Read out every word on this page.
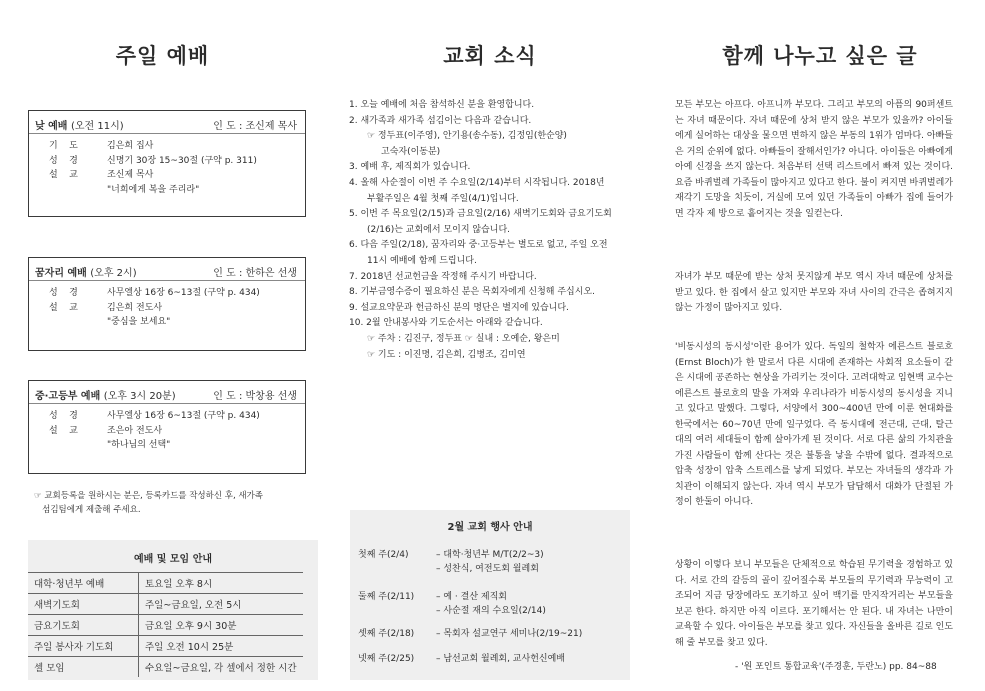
주일 예배
낮 예배 (오전 11시)	인 도 : 조신제 목사
기    도	김은희 집사
성    경	신명기 30장 15~30절 (구약 p. 311)
설    교	조신제 목사
"너희에게 복을 주리라"
꿈자리 예배 (오후 2시)	인 도 : 한하은 선생
성    경	사무엘상 16장 6~13절 (구약 p. 434)
설    교	김은희 전도사
"중심을 보세요"
중·고등부 예배 (오후 3시 20분)	인 도 : 박창용 선생
성    경	사무엘상 16장 6~13절 (구약 p. 434)
설    교	조은아 전도사
"하나님의 선택"
☞ 교회등록을 원하시는 분은, 등록카드를 작성하신 후, 새가족
섬김팀에게 제출해 주세요.
예배 및 모임 안내
대학·청년부 예배	토요일 오후 8시
새벽기도회	주일~금요일, 오전 5시
금요기도회	금요일 오후 9시 30분
주일 봉사자 기도회	주일 오전 10시 25분
셀 모임	수요일~금요일, 각 셀에서 정한 시간
교회 소식
1. 오늘 예배에 처음 참석하신 분을 환영합니다.
2. 새가족과 새가족 섬김이는 다음과 같습니다.
☞ 정두표(이주영), 안기용(송수동), 김정임(한순양)
고숙자(이동분)
3. 예배 후, 제직회가 있습니다.
4. 올해 사순절이 이번 주 수요일(2/14)부터 시작됩니다. 2018년
부활주일은 4월 첫째 주일(4/1)입니다.
5. 이번 주 목요일(2/15)과 금요일(2/16) 새벽기도회와 금요기도회
(2/16)는 교회에서 모이지 않습니다.
6. 다음 주일(2/18), 꿈자리와 중·고등부는 별도로 없고, 주일 오전
11시 예배에 함께 드립니다.
7. 2018년 선교헌금을 작정해 주시기 바랍니다.
8. 기부금영수증이 필요하신 분은 목회자에게 신청해 주십시오.
9. 설교요약문과 헌금하신 분의 명단은 별지에 있습니다.
10. 2월 안내봉사와 기도순서는 아래와 같습니다.
☞ 주차 : 김진구, 정두표 ☞ 실내 : 오예순, 왕은미
☞ 기도 : 이진명, 김은희, 김병조, 김미연
2월 교회 행사 안내
첫째 주(2/4)	– 대학·청년부 M/T(2/2~3)
– 성찬식, 여전도회 월례회
둘째 주(2/11)	– 예 · 결산 제직회
– 사순절 재의 수요일(2/14)
셋째 주(2/18)	– 목회자 설교연구 세미나(2/19~21)
넷째 주(2/25)	– 남선교회 월례회, 교사헌신예배
함께 나누고 싶은 글

모든 부모는 아프다. 아프니까 부모다. 그리고 부모의 아픔의 90퍼센트는 자녀 때문이다. 자녀 때문에 상처 받지 않은 부모가 있을까? 아이들에게 실어하는 대상을 물으면 변하지 않은 부동의 1위가 엄마다. 아빠들은 거의 순위에 없다. 아빠들이 잘해서인가? 아니다. 아이들은 아빠에게 아예 신경을 쓰지 않는다. 처음부터 선택 리스트에서 빠져 있는 것이다. 요즘 바퀴벌레 가족들이 많아지고 있다고 한다. 불이 켜지면 바퀴벌레가 재각기 도망을 치듯이, 거실에 모여 있던 가족들이 아빠가 집에 들어가면 각자 제 방으로 흩어지는 것을 일컫는다.

자녀가 부모 때문에 받는 상처 못지않게 부모 역시 자녀 때문에 상처를 받고 있다. 한 집에서 살고 있지만 부모와 자녀 사이의 간극은 좁혀지지 않는 가정이 많아지고 있다.

'비동시성의 동시성'이란 용어가 있다. 독일의 철학자 에른스트 블로흐(Ernst Bloch)가 한 말로서 다른 시대에 존재하는 사회적 요소들이 같은 시대에 공존하는 현상을 가리키는 것이다. 고려대학교 임현백 교수는 에른스트 블로흐의 말을 가져와 우리나라가 비동시성의 동시성을 지니고 있다고 말했다. 그렇다, 서양에서 300~400년 만에 이룬 현대화를 한국에서는 60~70년 만에 일구었다. 즉 동시대에 전근대, 근대, 탈근대의 여러 세대들이 함께 살아가게 된 것이다. 서로 다른 삶의 가치관을 가진 사람들이 함께 산다는 것은 불통을 낳을 수밖에 없다. 결과적으로 압축 성장이 압축 스트레스를 낳게 되었다. 부모는 자녀들의 생각과 가치관이 이해되지 않는다. 자녀 역시 부모가 답답해서 대화가 단절된 가정이 한둘이 아니다.

상황이 이렇다 보니 부모들은 단체적으로 학습된 무기력을 경험하고 있다. 서로 간의 갈등의 골이 깊어질수록 부모들의 무기력과 무능력이 고조되어 지금 당장에라도 포기하고 싶어 백기를 만지작거리는 부모들을 보곤 한다. 하지만 아직 이르다. 포기해서는 안 된다. 내 자녀는 나만이 교육할 수 있다. 아이들은 부모를 찾고 있다. 자신들을 올바른 길로 인도해 줄 부모를 찾고 있다.

- '원 포인트 통합교육'(주경훈, 두란노) pp. 84~88
